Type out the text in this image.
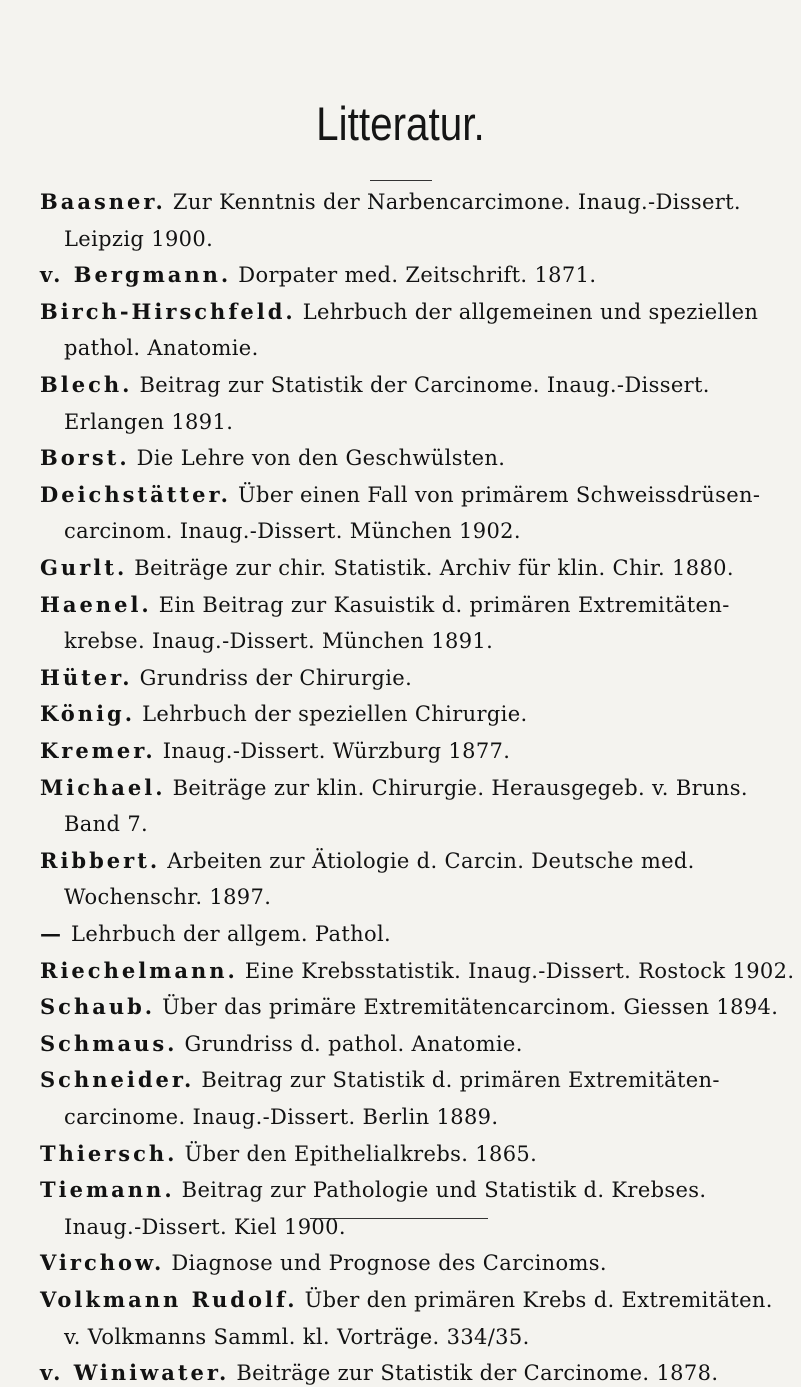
Litteratur.
Baasner. Zur Kenntnis der Narbencarcimone. Inaug.-Dissert.
Leipzig 1900.
v. Bergmann. Dorpater med. Zeitschrift. 1871.
Birch-Hirschfeld. Lehrbuch der allgemeinen und speziellen
pathol. Anatomie.
Blech. Beitrag zur Statistik der Carcinome. Inaug.-Dissert.
Erlangen 1891.
Borst. Die Lehre von den Geschwülsten.
Deichstätter. Über einen Fall von primärem Schweissdrüsen-
carcinom. Inaug.-Dissert. München 1902.
Gurlt. Beiträge zur chir. Statistik. Archiv für klin. Chir. 1880.
Haenel. Ein Beitrag zur Kasuistik d. primären Extremitäten-
krebse. Inaug.-Dissert. München 1891.
Hüter. Grundriss der Chirurgie.
König. Lehrbuch der speziellen Chirurgie.
Kremer. Inaug.-Dissert. Würzburg 1877.
Michael. Beiträge zur klin. Chirurgie. Herausgegeb. v. Bruns.
Band 7.
Ribbert. Arbeiten zur Ätiologie d. Carcin. Deutsche med.
Wochenschr. 1897.
— Lehrbuch der allgem. Pathol.
Riechelmann. Eine Krebsstatistik. Inaug.-Dissert. Rostock 1902.
Schaub. Über das primäre Extremitätencarcinom. Giessen 1894.
Schmaus. Grundriss d. pathol. Anatomie.
Schneider. Beitrag zur Statistik d. primären Extremitäten-
carcinome. Inaug.-Dissert. Berlin 1889.
Thiersch. Über den Epithelialkrebs. 1865.
Tiemann. Beitrag zur Pathologie und Statistik d. Krebses.
Inaug.-Dissert. Kiel 1900.
Virchow. Diagnose und Prognose des Carcinoms.
Volkmann Rudolf. Über den primären Krebs d. Extremitäten.
v. Volkmanns Samml. kl. Vorträge. 334/35.
v. Winiwater. Beiträge zur Statistik der Carcinome. 1878.
